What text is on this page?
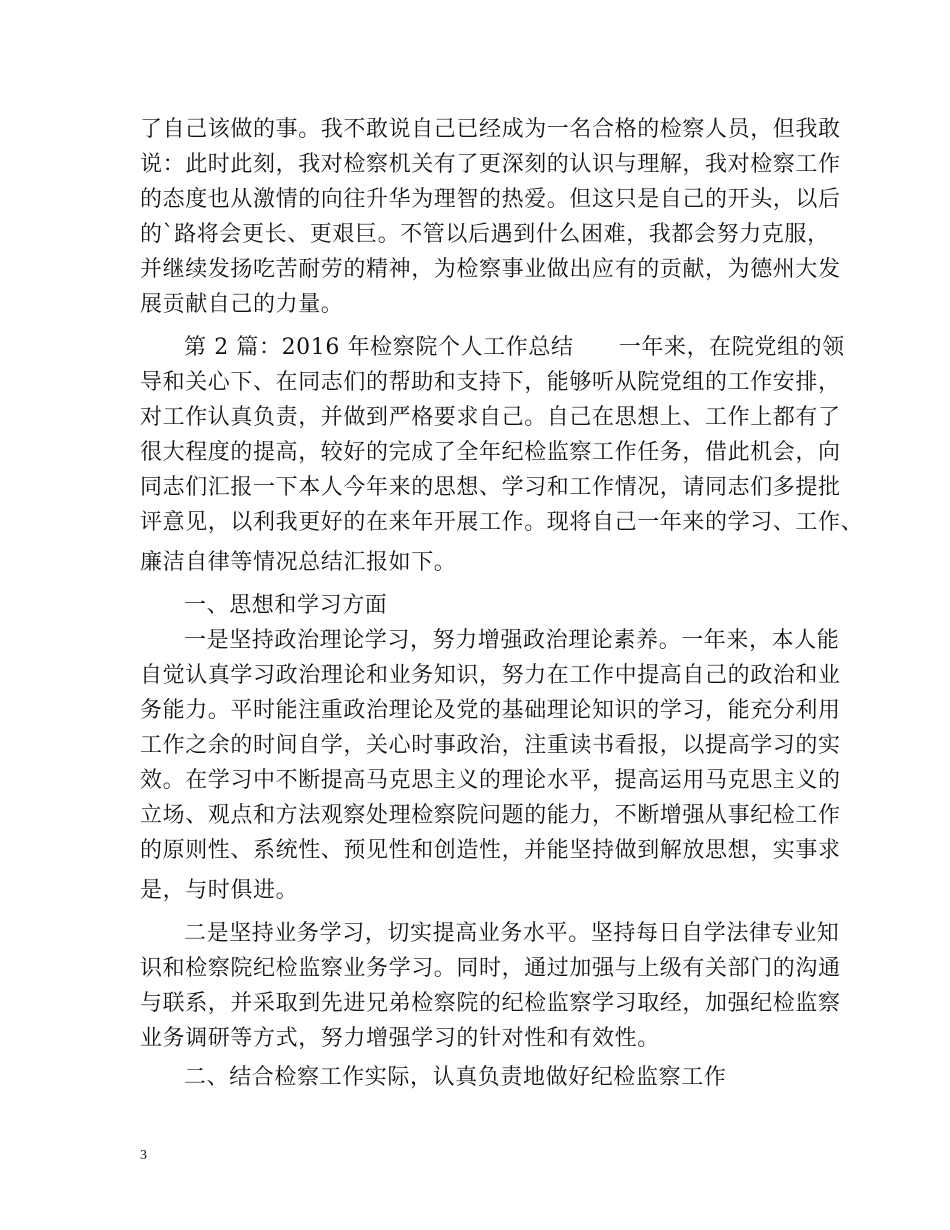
了自己该做的事。我不敢说自己已经成为一名合格的检察人员，但我敢
说：此时此刻，我对检察机关有了更深刻的认识与理解，我对检察工作
的态度也从激情的向往升华为理智的热爱。但这只是自己的开头，以后
的`路将会更长、更艰巨。不管以后遇到什么困难，我都会努力克服，
并继续发扬吃苦耐劳的精神，为检察事业做出应有的贡献，为德州大发
展贡献自己的力量。
第 2 篇：2016 年检察院个人工作总结　　一年来，在院党组的领
导和关心下、在同志们的帮助和支持下，能够听从院党组的工作安排，
对工作认真负责，并做到严格要求自己。自己在思想上、工作上都有了
很大程度的提高，较好的完成了全年纪检监察工作任务，借此机会，向
同志们汇报一下本人今年来的思想、学习和工作情况，请同志们多提批
评意见，以利我更好的在来年开展工作。现将自己一年来的学习、工作、
廉洁自律等情况总结汇报如下。
一、思想和学习方面
一是坚持政治理论学习，努力增强政治理论素养。一年来，本人能
自觉认真学习政治理论和业务知识，努力在工作中提高自己的政治和业
务能力。平时能注重政治理论及党的基础理论知识的学习，能充分利用
工作之余的时间自学，关心时事政治，注重读书看报，以提高学习的实
效。在学习中不断提高马克思主义的理论水平，提高运用马克思主义的
立场、观点和方法观察处理检察院问题的能力，不断增强从事纪检工作
的原则性、系统性、预见性和创造性，并能坚持做到解放思想，实事求
是，与时俱进。
二是坚持业务学习，切实提高业务水平。坚持每日自学法律专业知
识和检察院纪检监察业务学习。同时，通过加强与上级有关部门的沟通
与联系，并采取到先进兄弟检察院的纪检监察学习取经，加强纪检监察
业务调研等方式，努力增强学习的针对性和有效性。
二、结合检察工作实际，认真负责地做好纪检监察工作
3
